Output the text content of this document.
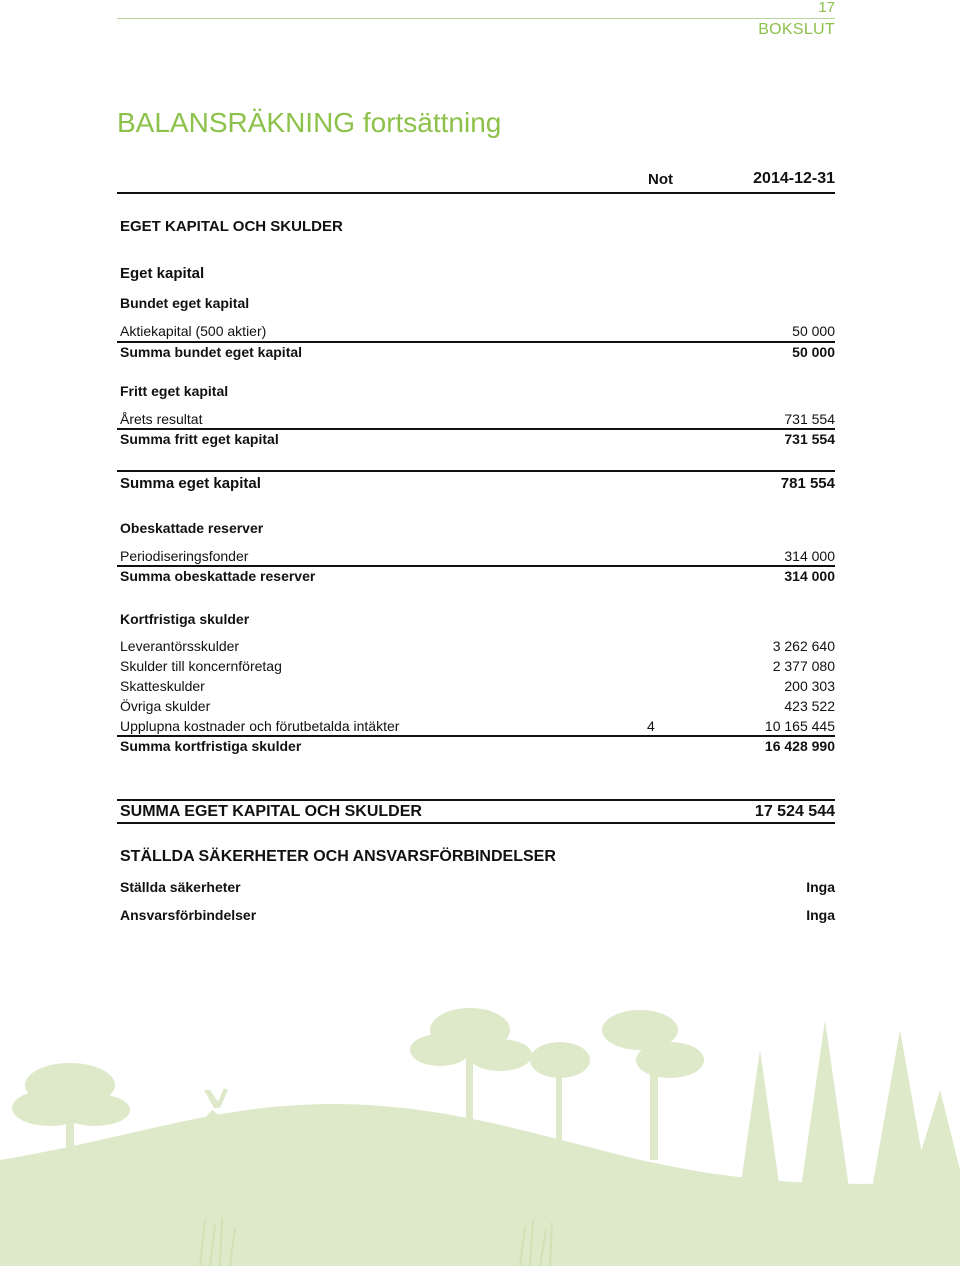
17
BOKSLUT
BALANSRÄKNING fortsättning
Not	2014-12-31
EGET KAPITAL OCH SKULDER
Eget kapital
Bundet eget kapital
Aktiekapital (500 aktier)	50 000
Summa bundet eget kapital	50 000
Fritt eget kapital
Årets resultat	731 554
Summa fritt eget kapital	731 554
Summa eget kapital	781 554
Obeskattade reserver
Periodiseringsfonder	314 000
Summa obeskattade reserver	314 000
Kortfristiga skulder
Leverantörsskulder	3 262 640
Skulder till koncernföretag	2 377 080
Skatteskulder	200 303
Övriga skulder	423 522
Upplupna kostnader och förutbetalda intäkter	4	10 165 445
Summa kortfristiga skulder	16 428 990
SUMMA EGET KAPITAL OCH SKULDER	17 524 544
STÄLLDA SÄKERHETER OCH ANSVARSFÖRBINDELSER
Ställda säkerheter	Inga
Ansvarsförbindelser	Inga
